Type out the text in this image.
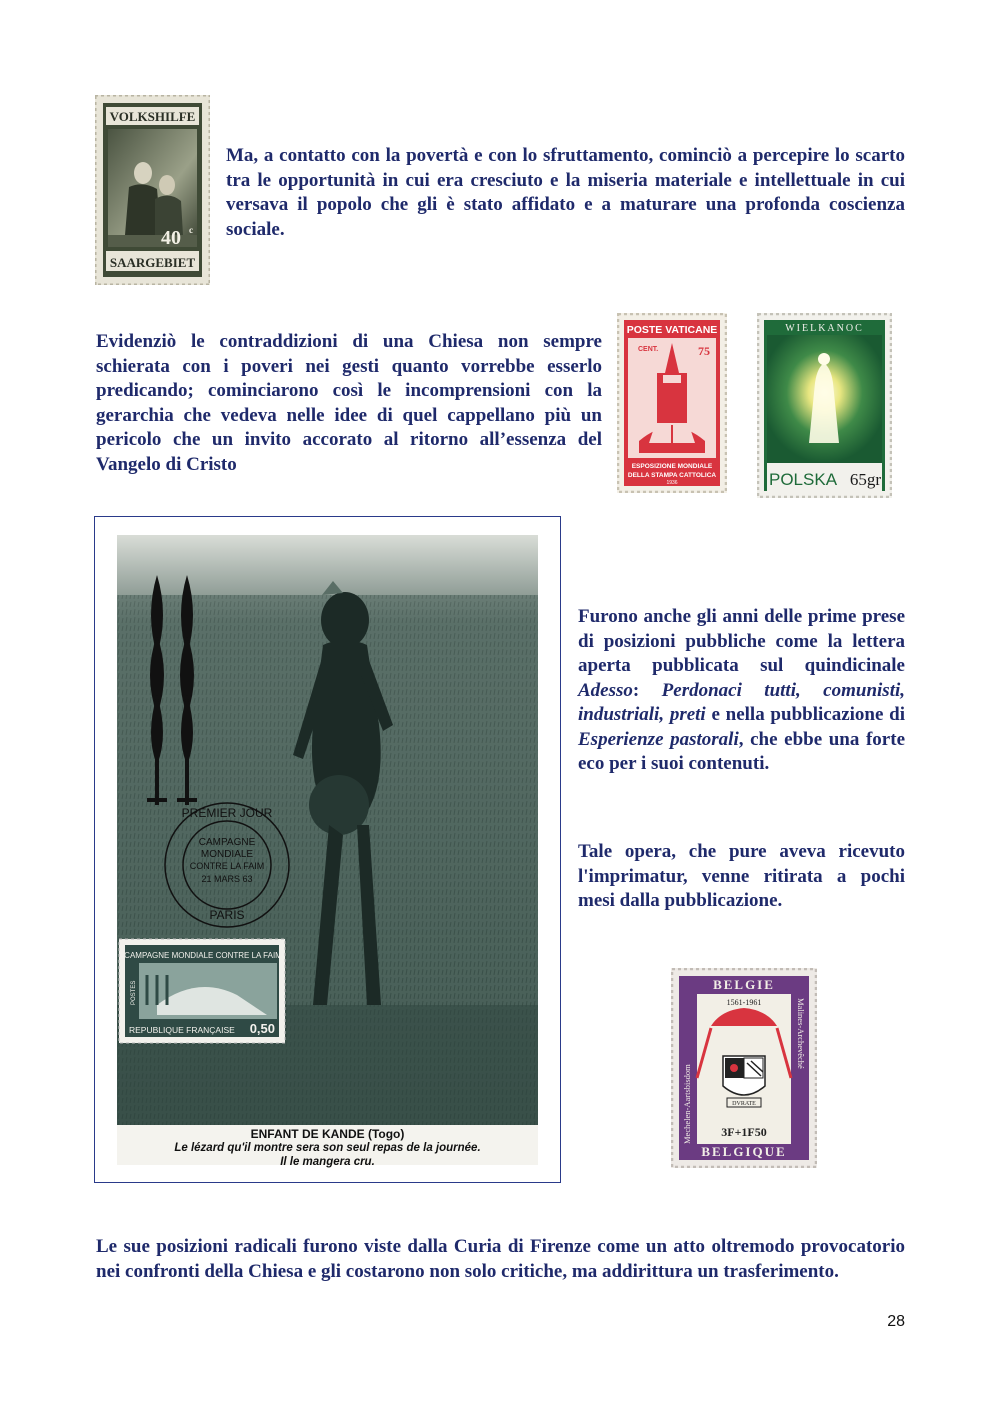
Ma, a contatto con la povertà e con lo sfruttamento, cominciò a percepire lo scarto tra le opportunità in cui era cresciuto e la miseria materiale e intellettuale in cui versava il popolo che gli è stato affidato e a maturare una profonda coscienza sociale.

Evidenziò le contraddizioni di una Chiesa non sempre schierata con i poveri nei gesti quanto vorrebbe esserlo predicando; cominciarono così le incomprensioni con la gerarchia che vedeva nelle idee di quel cappellano più un pericolo che un invito accorato al ritorno all’essenza del Vangelo di Cristo

Furono anche gli anni delle prime prese di posizioni pubbliche come la lettera aperta pubblicata sul quindicinale Adesso: Perdonaci tutti, comunisti, industriali, preti e nella pubblicazione di Esperienze pastorali, che ebbe una forte eco per i suoi contenuti.

Tale opera, che pure aveva ricevuto l'imprimatur, venne ritirata a pochi mesi dalla pubblicazione.

Le sue posizioni radicali furono viste dalla Curia di Firenze come un atto oltremodo provocatorio nei confronti della Chiesa e gli costarono non solo critiche, ma addirittura un trasferimento.

28
VOLKSHILFE
40 c
SAARGEBIET
POSTE VATICANE
CENT.	75
ESPOSIZIONE MONDIALE
DELLA STAMPA CATTOLICA
1936
WIELKANOC
POLSKA 65gr
BELGIE
1561-1961
Mechelen-Aartsbisdom
Malines-Archevêché
DVRATE
3F+1F50
BELGIQUE
PREMIER JOUR
CAMPAGNE
MONDIALE
CONTRE LA FAIM
21 MARS 63
PARIS
CAMPAGNE MONDIALE CONTRE LA FAIM
POSTES
REPUBLIQUE FRANÇAISE 0,50
ENFANT DE KANDE (Togo)
Le lézard qu'il montre sera son seul repas de la journée.
Il le mangera cru.
